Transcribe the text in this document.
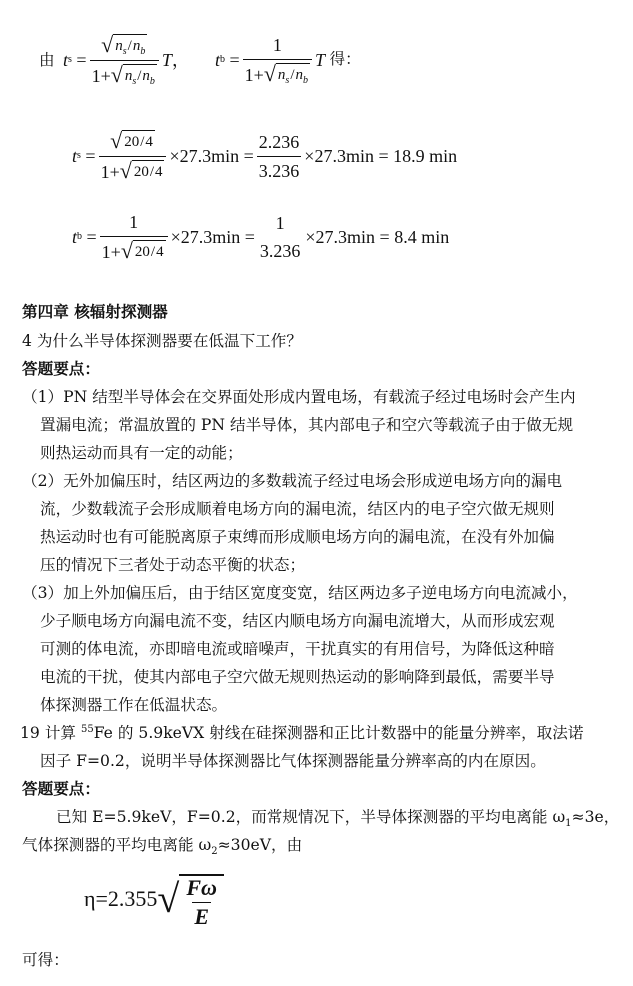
由 t $s = \frac{√ n_s / n_b}{1+ √ n_s / n_b}$ T ， t $b = \frac{1}{1+ √ n_s / n_b}$ T
得：
t $s = \frac{√ 20 / 4}{1+ √ 20 / 4} \times 27.3\min = \frac{2.236}{3.236} \times 27.3\min = 18.9$ min
t $b = \frac{1}{1+ √ 20 / 4} \times 27.3\min$ =
1
3.236
×27.3min = 8.4 min
第四章 核辐射探测器
4 为什么半导体探测器要在低温下工作？
答题要点：
（1）PN 结型半导体会在交界面处形成内置电场，有载流子经过电场时会产生内
置漏电流；常温放置的 PN 结半导体，其内部电子和空穴等载流子由于做无规
则热运动而具有一定的动能；
（2）无外加偏压时，结区两边的多数载流子经过电场会形成逆电场方向的漏电
流，少数载流子会形成顺着电场方向的漏电流，结区内的电子空穴做无规则
热运动时也有可能脱离原子束缚而形成顺电场方向的漏电流，在没有外加偏
压的情况下三者处于动态平衡的状态；
（3）加上外加偏压后，由于结区宽度变宽，结区两边多子逆电场方向电流减小，
少子顺电场方向漏电流不变，结区内顺电场方向漏电流增大，从而形成宏观
可测的体电流，亦即暗电流或暗噪声，干扰真实的有用信号，为降低这种暗
电流的干扰，使其内部电子空穴做无规则热运动的影响降到最低，需要半导
体探测器工作在低温状态。
19 计算 $^{55}$Fe 的 5.9keVX 射线在硅探测器和正比计数器中的能量分辨率，取法诺
因子 F=0.2，说明半导体探测器比气体探测器能量分辨率高的内在原因。
答题要点：
已知 E=5.9keV，F=0.2，而常规情况下，半导体探测器的平均电离能 $\omega_1\approx 3e$，
气体探测器的平均电离能 $\omega_2\approx 30eV$，由
η=2.355 √ $\frac{F\omega}{E}$
可得：
